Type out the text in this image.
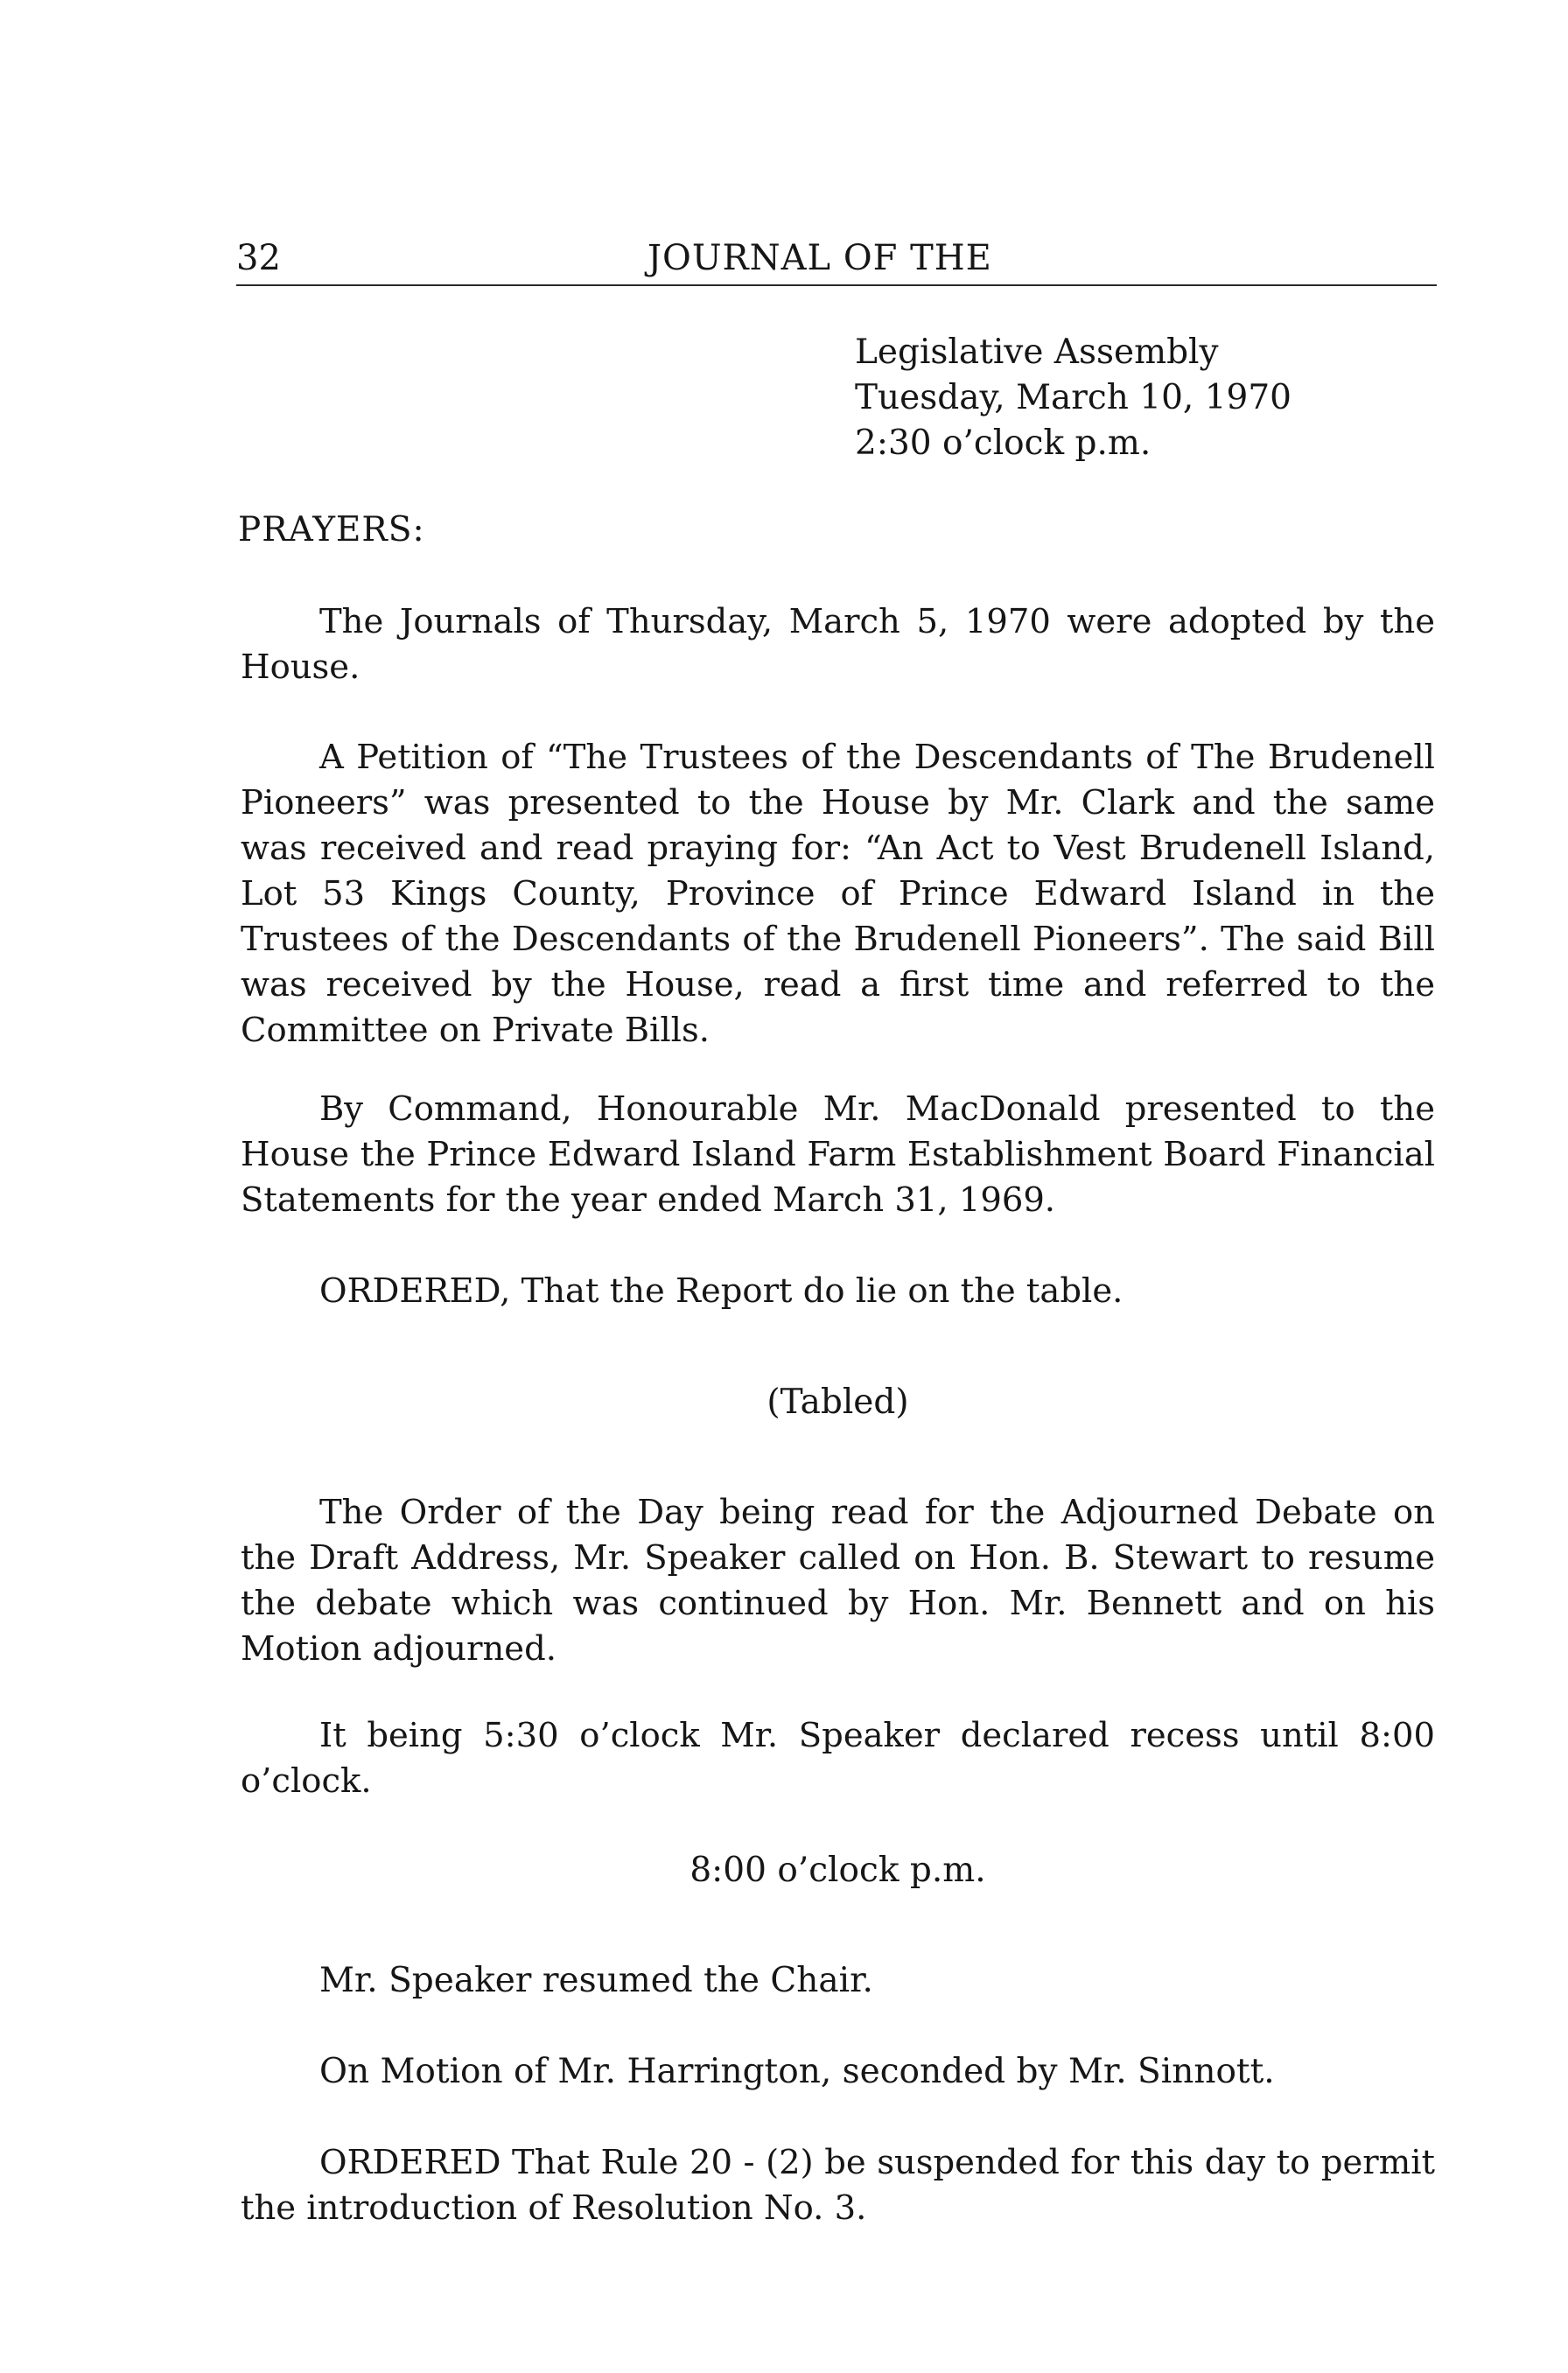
32	JOURNAL OF THE
Legislative Assembly
Tuesday, March 10, 1970
2:30 o’clock p.m.
PRAYERS:

The Journals of Thursday, March 5, 1970 were adopted by the House.

A Petition of “The Trustees of the Descendants of The Brudenell Pioneers” was presented to the House by Mr. Clark and the same was received and read praying for: “An Act to Vest Brudenell Island, Lot 53 Kings County, Province of Prince Edward Island in the Trustees of the Descendants of the Brudenell Pioneers”. The said Bill was received by the House, read a first time and referred to the Committee on Private Bills.

By Command, Honourable Mr. MacDonald presented to the House the Prince Edward Island Farm Establishment Board Financial Statements for the year ended March 31, 1969.

ORDERED, That the Report do lie on the table.

(Tabled)

The Order of the Day being read for the Adjourned Debate on the Draft Address, Mr. Speaker called on Hon. B. Stewart to resume the debate which was continued by Hon. Mr. Bennett and on his Motion adjourned.

It being 5:30 o’clock Mr. Speaker declared recess until 8:00 o’clock.

8:00 o’clock p.m.
Mr. Speaker resumed the Chair.
On Motion of Mr. Harrington, seconded by Mr. Sinnott.

ORDERED That Rule 20 - (2) be suspended for this day to permit the introduction of Resolution No. 3.
